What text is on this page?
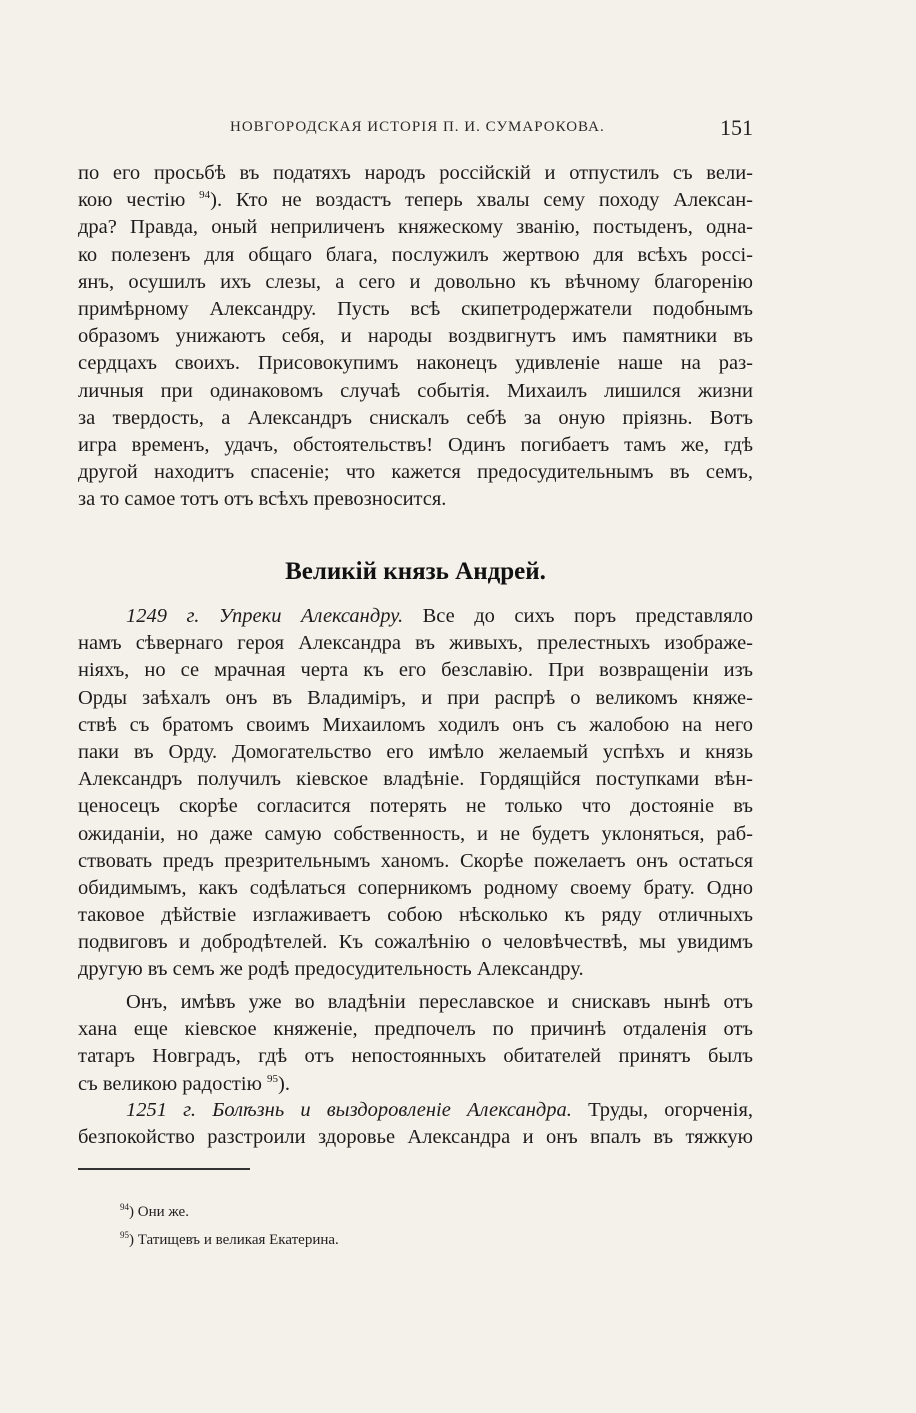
НОВГОРОДСКАЯ ИСТОРІЯ П. И. СУМАРОКОВА.	151
по его просьбѣ въ податяхъ народъ россійскій и отпустилъ съ вели-
кою честію $^{94}$). Кто не воздастъ теперь хвалы сему походу Алексан-
дра? Правда, оный неприличенъ княжескому званію, постыденъ, одна-
ко полезенъ для общаго блага, послужилъ жертвою для всѣхъ росcі-
янъ, осушилъ ихъ слезы, а сего и довольно къ вѣчному благоренію
примѣрному Александру. Пусть всѣ скипетродержатели подобнымъ
образомъ унижаютъ себя, и народы воздвигнутъ имъ памятники въ
сердцахъ своихъ. Присовокупимъ наконецъ удивленіе наше на раз-
личныя при одинаковомъ случаѣ событія. Михаилъ лишился жизни
за твердость, а Александръ снискалъ себѣ за оную пріязнь. Вотъ
игра временъ, удачъ, обстоятельствъ! Одинъ погибаетъ тамъ же, гдѣ
другой находитъ спасеніе; что кажется предосудительнымъ въ семъ,
за то самое тотъ отъ всѣхъ превозносится.
Великій князь Андрей.
1249 г. Упреки Александру. Все до сихъ поръ представляло
намъ сѣвернаго героя Александра въ живыхъ, прелестныхъ изображе-
ніяхъ, но се мрачная черта къ его безславію. При возвращеніи изъ
Орды заѣхалъ онъ въ Владиміръ, и при распрѣ о великомъ княже-
ствѣ съ братомъ своимъ Михаиломъ ходилъ онъ съ жалобою на него
паки въ Орду. Домогательство его имѣло желаемый успѣхъ и князь
Александръ получилъ кіевское владѣніе. Гордящійся поступками вѣн-
ценосецъ скорѣе согласится потерять не только что достояніе въ
ожиданіи, но даже самую собственность, и не будетъ уклоняться, раб-
ствовать предъ презрительнымъ ханомъ. Скорѣе пожелаетъ онъ остаться
обидимымъ, какъ содѣлаться соперникомъ родному своему брату. Одно
таковое дѣйствіе изглаживаетъ собою нѣсколько къ ряду отличныхъ
подвиговъ и добродѣтелей. Къ сожалѣнію о человѣчествѣ, мы увидимъ
другую въ семъ же родѣ предосудительность Александру.
Онъ, имѣвъ уже во владѣніи переславское и снискавъ нынѣ отъ
хана еще кіевское княженіе, предпочелъ по причинѣ отдаленія отъ
татаръ Новградъ, гдѣ отъ непостоянныхъ обитателей принятъ былъ
съ великою радостію $^{95}$).
1251 г. Болѣзнь и выздоровленіе Александра. Труды, огорченія,
безпокойство разстроили здоровье Александра и онъ впалъ въ тяжкую
$^{94}$) Они же.
$^{95}$) Татищевъ и великая Екатерина.
